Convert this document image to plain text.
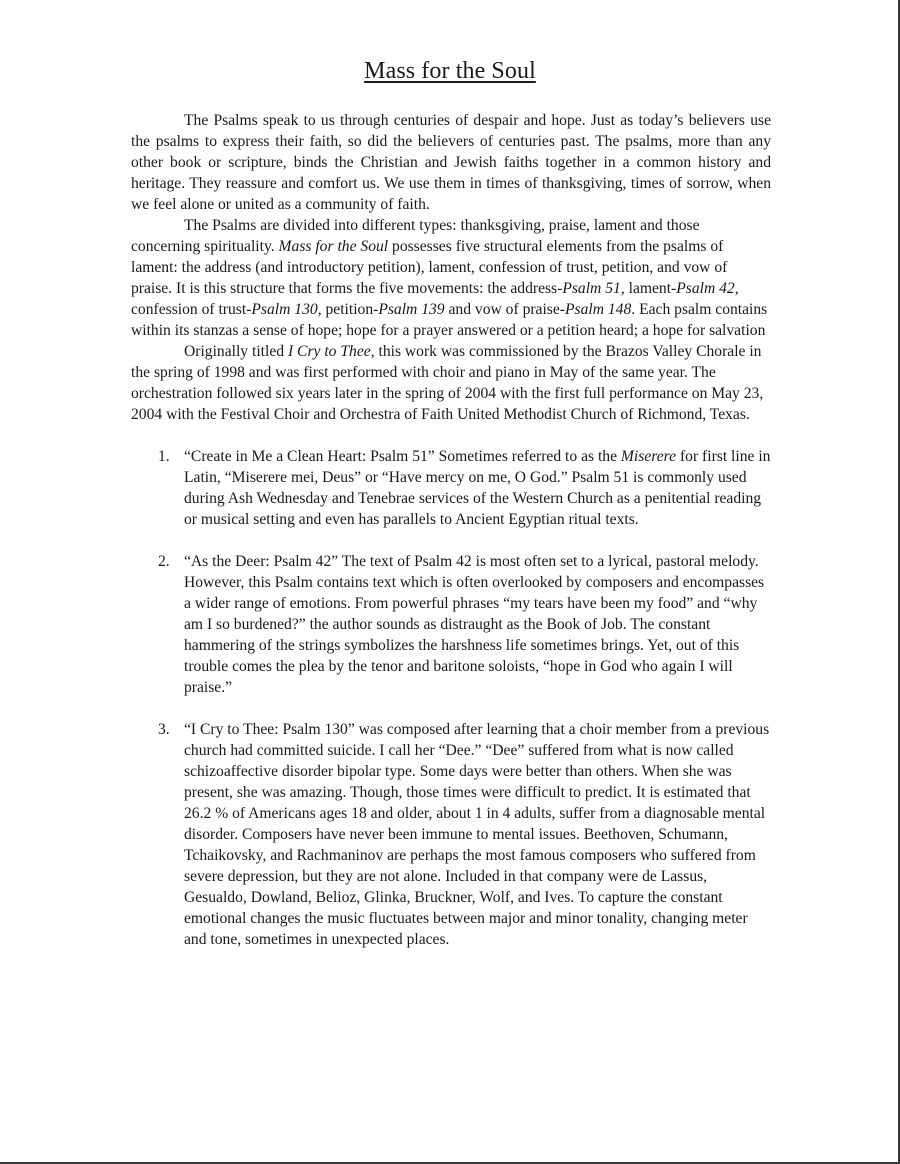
Mass for the Soul

The Psalms speak to us through centuries of despair and hope. Just as today’s believers use the psalms to express their faith, so did the believers of centuries past. The psalms, more than any other book or scripture, binds the Christian and Jewish faiths together in a common history and heritage. They reassure and comfort us. We use them in times of thanksgiving, times of sorrow, when we feel alone or united as a community of faith.

The Psalms are divided into different types: thanksgiving, praise, lament and those concerning spirituality. Mass for the Soul possesses five structural elements from the psalms of lament: the address (and introductory petition), lament, confession of trust, petition, and vow of praise. It is this structure that forms the five movements: the address-Psalm 51, lament-Psalm 42, confession of trust-Psalm 130, petition-Psalm 139 and vow of praise-Psalm 148. Each psalm contains within its stanzas a sense of hope; hope for a prayer answered or a petition heard; a hope for salvation

Originally titled I Cry to Thee, this work was commissioned by the Brazos Valley Chorale in the spring of 1998 and was first performed with choir and piano in May of the same year. The orchestration followed six years later in the spring of 2004 with the first full performance on May 23, 2004 with the Festival Choir and Orchestra of Faith United Methodist Church of Richmond, Texas.

1. “Create in Me a Clean Heart: Psalm 51” Sometimes referred to as the Miserere for first line in Latin, “Miserere mei, Deus” or “Have mercy on me, O God.” Psalm 51 is commonly used during Ash Wednesday and Tenebrae services of the Western Church as a penitential reading or musical setting and even has parallels to Ancient Egyptian ritual texts.
2. “As the Deer: Psalm 42” The text of Psalm 42 is most often set to a lyrical, pastoral melody. However, this Psalm contains text which is often overlooked by composers and encompasses a wider range of emotions. From powerful phrases “my tears have been my food” and “why am I so burdened?” the author sounds as distraught as the Book of Job. The constant hammering of the strings symbolizes the harshness life sometimes brings. Yet, out of this trouble comes the plea by the tenor and baritone soloists, “hope in God who again I will praise.”
3. “I Cry to Thee: Psalm 130” was composed after learning that a choir member from a previous church had committed suicide. I call her “Dee.” “Dee” suffered from what is now called schizoaffective disorder bipolar type. Some days were better than others. When she was present, she was amazing. Though, those times were difficult to predict. It is estimated that 26.2 % of Americans ages 18 and older, about 1 in 4 adults, suffer from a diagnosable mental disorder. Composers have never been immune to mental issues. Beethoven, Schumann, Tchaikovsky, and Rachmaninov are perhaps the most famous composers who suffered from severe depression, but they are not alone. Included in that company were de Lassus, Gesualdo, Dowland, Belioz, Glinka, Bruckner, Wolf, and Ives. To capture the constant emotional changes the music fluctuates between major and minor tonality, changing meter and tone, sometimes in unexpected places.
